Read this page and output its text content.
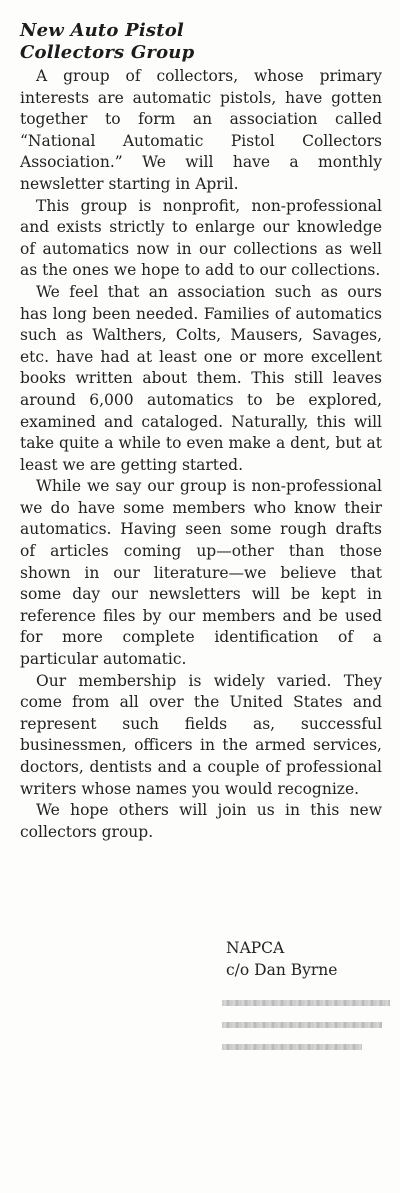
New Auto Pistol
Collectors Group

A group of collectors, whose primary interests are automatic pistols, have gotten together to form an association called “National Automatic Pistol Collectors Association.” We will have a monthly newsletter starting in April.

This group is nonprofit, non-professional and exists strictly to enlarge our knowledge of automatics now in our collections as well as the ones we hope to add to our collections.

We feel that an association such as ours has long been needed. Families of automatics such as Walthers, Colts, Mausers, Savages, etc. have had at least one or more excellent books written about them. This still leaves around 6,000 automatics to be explored, examined and cataloged. Naturally, this will take quite a while to even make a dent, but at least we are getting started.

While we say our group is non-professional we do have some members who know their automatics. Having seen some rough drafts of articles coming up—other than those shown in our literature—we believe that some day our newsletters will be kept in reference files by our members and be used for more complete identification of a particular automatic.

Our membership is widely varied. They come from all over the United States and represent such fields as, successful businessmen, officers in the armed services, doctors, dentists and a couple of professional writers whose names you would recognize.

We hope others will join us in this new collectors group.

NAPCA
c/o Dan Byrne
